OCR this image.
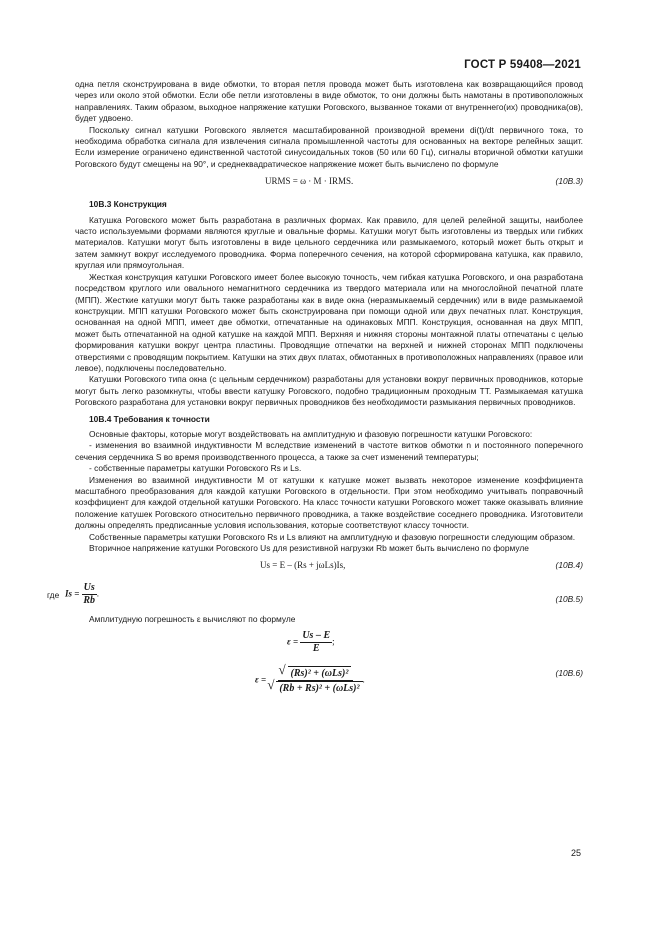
ГОСТ Р 59408—2021

одна петля сконструирована в виде обмотки, то вторая петля провода может быть изготовлена как возвращающийся провод через или около этой обмотки. Если обе петли изготовлены в виде обмоток, то они должны быть намотаны в противоположных направлениях. Таким образом, выходное напряжение катушки Роговского, вызванное токами от внутреннего(их) проводника(ов), будет удвоено.

Поскольку сигнал катушки Роговского является масштабированной производной времени di(t)/dt первичного тока, то необходима обработка сигнала для извлечения сигнала промышленной частоты для основанных на векторе релейных защит. Если измерение ограничено единственной частотой синусоидальных токов (50 или 60 Гц), сигналы вторичной обмотки катушки Роговского будут смещены на 90°, и среднеквадратическое напряжение может быть вычислено по формуле

URMS = ω · M · IRMS.	(10B.3)

10B.3 Конструкция

Катушка Роговского может быть разработана в различных формах. Как правило, для целей релейной защиты, наиболее часто используемыми формами являются круглые и овальные формы. Катушки могут быть изготовлены из твердых или гибких материалов. Катушки могут быть изготовлены в виде цельного сердечника или размыкаемого, который может быть открыт и затем замкнут вокруг исследуемого проводника. Форма поперечного сечения, на которой сформирована катушка, как правило, круглая или прямоугольная.

Жесткая конструкция катушки Роговского имеет более высокую точность, чем гибкая катушка Роговского, и она разработана посредством круглого или овального немагнитного сердечника из твердого материала или на многослойной печатной плате (МПП). Жесткие катушки могут быть также разработаны как в виде окна (неразмыкаемый сердечник) или в виде размыкаемой конструкции. МПП катушки Роговского может быть сконструирована при помощи одной или двух печатных плат. Конструкция, основанная на одной МПП, имеет две обмотки, отпечатанные на одинаковых МПП. Конструкция, основанная на двух МПП, может быть отпечатанной на одной катушке на каждой МПП. Верхняя и нижняя стороны монтажной платы отпечатаны с целью формирования катушки вокруг центра пластины. Проводящие отпечатки на верхней и нижней сторонах МПП подключены отверстиями с проводящим покрытием. Катушки на этих двух платах, обмотанных в противоположных направлениях (правое или левое), подключены последовательно.

Катушки Роговского типа окна (с цельным сердечником) разработаны для установки вокруг первичных проводников, которые могут быть легко разомкнуты, чтобы ввести катушку Роговского, подобно традиционным проходным ТТ. Размыкаемая катушка Роговского разработана для установки вокруг первичных проводников без необходимости размыкания первичных проводников.

10B.4 Требования к точности

Основные факторы, которые могут воздействовать на амплитудную и фазовую погрешности катушки Роговского:

- изменения во взаимной индуктивности M вследствие изменений в частоте витков обмотки n и постоянного поперечного сечения сердечника S во время производственного процесса, а также за счет изменений температуры;

- собственные параметры катушки Роговского Rs и Ls.

Изменения во взаимной индуктивности M от катушки к катушке может вызвать некоторое изменение коэффициента масштабного преобразования для каждой катушки Роговского в отдельности. При этом необходимо учитывать поправочный коэффициент для каждой отдельной катушки Роговского. На класс точности катушки Роговского может также оказывать влияние положение катушек Роговского относительно первичного проводника, а также воздействие соседнего проводника. Изготовители должны определять предписанные условия использования, которые соответствуют классу точности.

Собственные параметры катушки Роговского Rs и Ls влияют на амплитудную и фазовую погрешности следующим образом.

Вторичное напряжение катушки Роговского Us для резистивной нагрузки Rb может быть вычислено по формуле

Us = E – (Rs + jωLs)Is,	(10B.4)
где $Is = \frac{Us}{Rb}$ .
(10B.5)

Амплитудную погрешность ε вычисляют по формуле

$\varepsilon = \frac{Us - E}{E}$ ;
ε =
√ (Rs)² + (ωLs)²
√ (Rb + Rs)² + (ωLs)² .
(10B.6)
25
